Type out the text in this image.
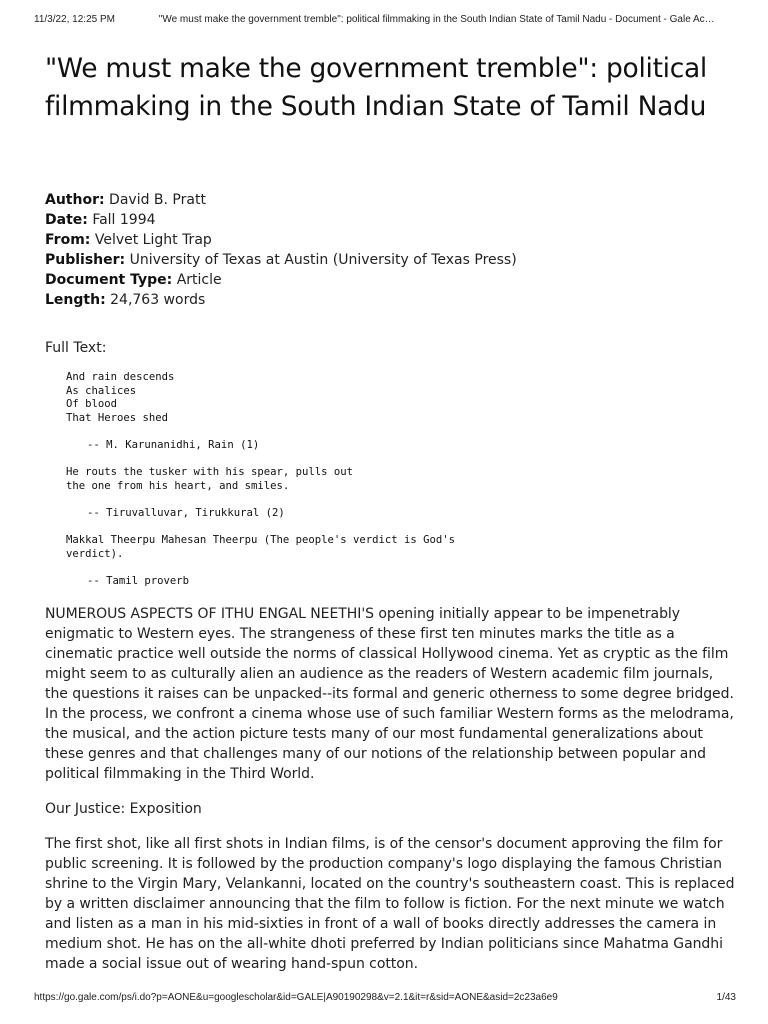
11/3/22, 12:25 PM	"We must make the government tremble": political filmmaking in the South Indian State of Tamil Nadu - Document - Gale Ac…
"We must make the government tremble": political filmmaking in the South Indian State of Tamil Nadu
Author: David B. Pratt
Date: Fall 1994
From: Velvet Light Trap
Publisher: University of Texas at Austin (University of Texas Press)
Document Type: Article
Length: 24,763 words
Full Text:
And rain descends
As chalices
Of blood
That Heroes shed
-- M. Karunanidhi, Rain (1)
He routs the tusker with his spear, pulls out
the one from his heart, and smiles.
-- Tiruvalluvar, Tirukkural (2)
Makkal Theerpu Mahesan Theerpu (The people's verdict is God's
verdict).
-- Tamil proverb

NUMEROUS ASPECTS OF ITHU ENGAL NEETHI'S opening initially appear to be impenetrably enigmatic to Western eyes. The strangeness of these first ten minutes marks the title as a cinematic practice well outside the norms of classical Hollywood cinema. Yet as cryptic as the film might seem to as culturally alien an audience as the readers of Western academic film journals, the questions it raises can be unpacked--its formal and generic otherness to some degree bridged. In the process, we confront a cinema whose use of such familiar Western forms as the melodrama, the musical, and the action picture tests many of our most fundamental generalizations about these genres and that challenges many of our notions of the relationship between popular and political filmmaking in the Third World.

Our Justice: Exposition

The first shot, like all first shots in Indian films, is of the censor's document approving the film for public screening. It is followed by the production company's logo displaying the famous Christian shrine to the Virgin Mary, Velankanni, located on the country's southeastern coast. This is replaced by a written disclaimer announcing that the film to follow is fiction. For the next minute we watch and listen as a man in his mid-sixties in front of a wall of books directly addresses the camera in medium shot. He has on the all-white dhoti preferred by Indian politicians since Mahatma Gandhi made a social issue out of wearing hand-spun cotton.

https://go.gale.com/ps/i.do?p=AONE&u=googlescholar&id=GALE|A90190298&v=2.1&it=r&sid=AONE&asid=2c23a6e9	1/43
